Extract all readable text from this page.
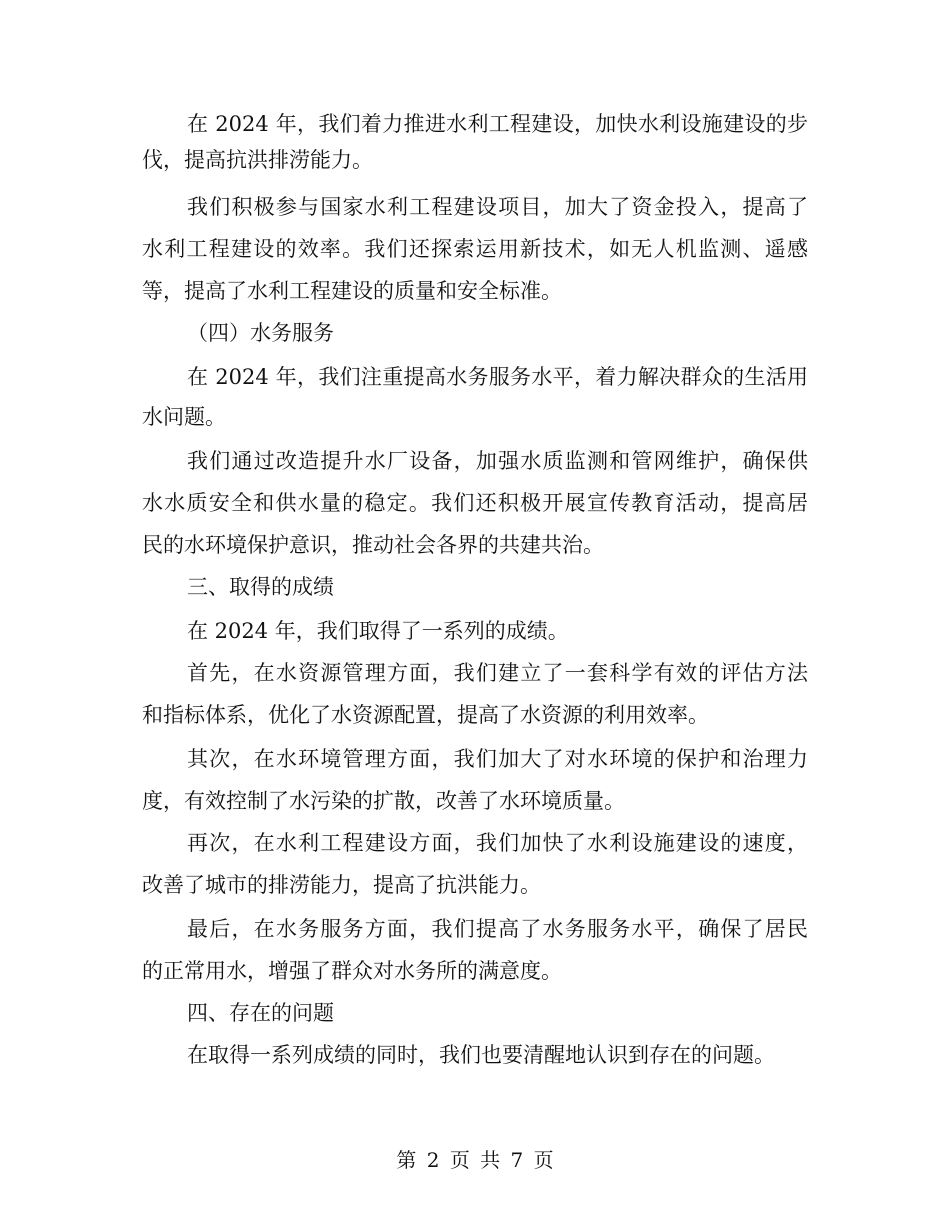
在 2024 年，我们着力推进水利工程建设，加快水利设施建设的步
伐，提高抗洪排涝能力。
我们积极参与国家水利工程建设项目，加大了资金投入，提高了
水利工程建设的效率。我们还探索运用新技术，如无人机监测、遥感
等，提高了水利工程建设的质量和安全标准。
（四）水务服务
在 2024 年，我们注重提高水务服务水平，着力解决群众的生活用
水问题。
我们通过改造提升水厂设备，加强水质监测和管网维护，确保供
水水质安全和供水量的稳定。我们还积极开展宣传教育活动，提高居
民的水环境保护意识，推动社会各界的共建共治。
三、取得的成绩
在 2024 年，我们取得了一系列的成绩。
首先，在水资源管理方面，我们建立了一套科学有效的评估方法
和指标体系，优化了水资源配置，提高了水资源的利用效率。
其次，在水环境管理方面，我们加大了对水环境的保护和治理力
度，有效控制了水污染的扩散，改善了水环境质量。
再次，在水利工程建设方面，我们加快了水利设施建设的速度，
改善了城市的排涝能力，提高了抗洪能力。
最后，在水务服务方面，我们提高了水务服务水平，确保了居民
的正常用水，增强了群众对水务所的满意度。
四、存在的问题
在取得一系列成绩的同时，我们也要清醒地认识到存在的问题。
第 2 页 共 7 页
